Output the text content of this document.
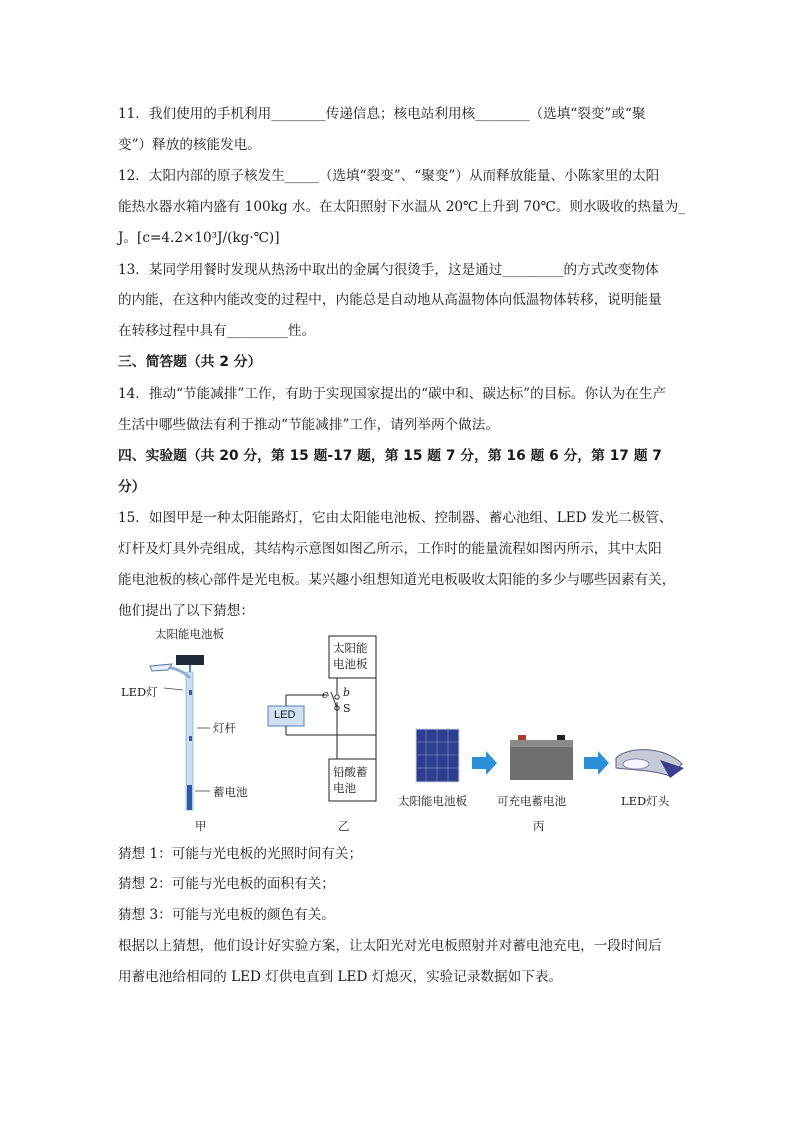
11．我们使用的手机利用________传递信息；核电站利用核________（选填“裂变”或“聚
变”）释放的核能发电。
12．太阳内部的原子核发生_____（选填“裂变”、“聚变”）从而释放能量、小陈家里的太阳
能热水器水箱内盛有 100kg 水。在太阳照射下水温从 20℃上升到 70℃。则水吸收的热量为_
J。[c=4.2×10³J/(kg·℃)]
13．某同学用餐时发现从热汤中取出的金属勺很烫手，这是通过_________的方式改变物体
的内能，在这种内能改变的过程中，内能总是自动地从高温物体向低温物体转移，说明能量
在转移过程中具有_________性。
三、简答题（共 2 分）
14．推动“节能减排”工作，有助于实现国家提出的“碳中和、碳达标”的目标。你认为在生产
生活中哪些做法有利于推动“节能减排”工作，请列举两个做法。
四、实验题（共 20 分，第 15 题-17 题，第 15 题 7 分，第 16 题 6 分，第 17 题 7
分）
15．如图甲是一种太阳能路灯，它由太阳能电池板、控制器、蓄心池组、LED 发光二极管、
灯杆及灯具外壳组成，其结构示意图如图乙所示，工作时的能量流程如图丙所示，其中太阳
能电池板的核心部件是光电板。某兴趣小组想知道光电板吸收太阳能的多少与哪些因素有关，
他们提出了以下猜想：
太阳能电池板
LED灯
灯杆
蓄电池
甲
太阳能
电池板
LED
c b
S
铅酸蓄
电池
乙
太阳能电池板	可充电蓄电池	LED灯头
丙
猜想 1：可能与光电板的光照时间有关；
猜想 2：可能与光电板的面积有关；
猜想 3：可能与光电板的颜色有关。
根据以上猜想，他们设计好实验方案，让太阳光对光电板照射并对蓄电池充电，一段时间后
用蓄电池给相同的 LED 灯供电直到 LED 灯熄灭，实验记录数据如下表。
